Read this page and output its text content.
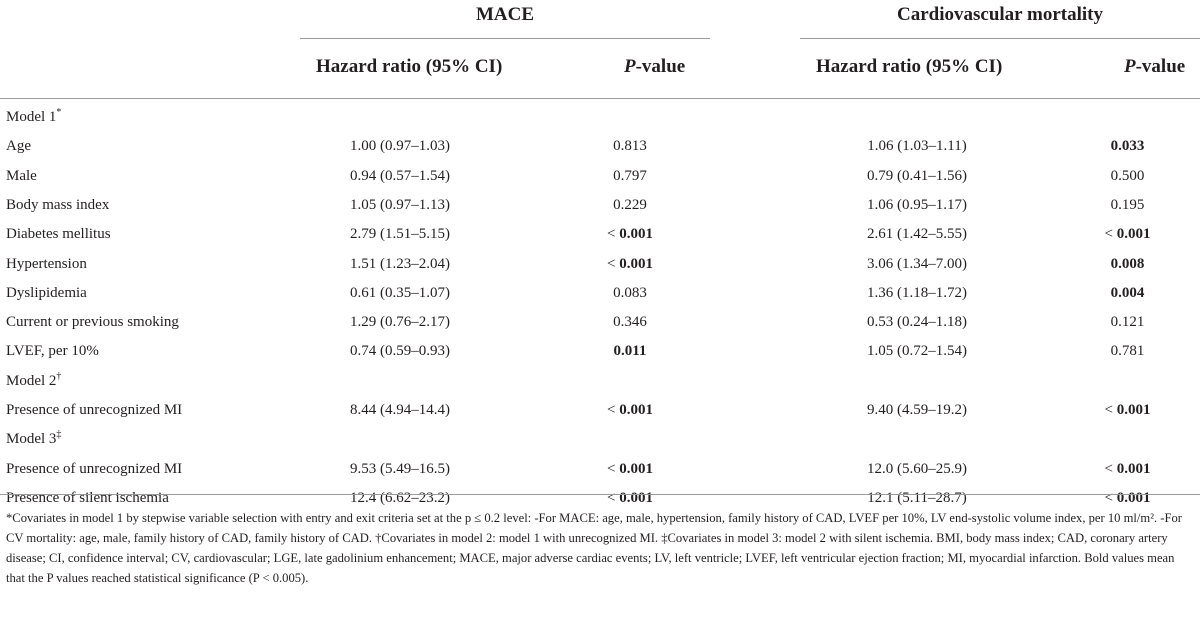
MACE	Cardiovascular mortality
Hazard ratio (95% CI)	P-value	Hazard ratio (95% CI)	P-value
Model 1*
Age	1.00 (0.97–1.03)	0.813	1.06 (1.03–1.11)	0.033
Male	0.94 (0.57–1.54)	0.797	0.79 (0.41–1.56)	0.500
Body mass index	1.05 (0.97–1.13)	0.229	1.06 (0.95–1.17)	0.195
Diabetes mellitus	2.79 (1.51–5.15)	< 0.001	2.61 (1.42–5.55)	< 0.001
Hypertension	1.51 (1.23–2.04)	< 0.001	3.06 (1.34–7.00)	0.008
Dyslipidemia	0.61 (0.35–1.07)	0.083	1.36 (1.18–1.72)	0.004
Current or previous smoking	1.29 (0.76–2.17)	0.346	0.53 (0.24–1.18)	0.121
LVEF, per 10%	0.74 (0.59–0.93)	0.011	1.05 (0.72–1.54)	0.781
Model 2†
Presence of unrecognized MI	8.44 (4.94–14.4)	< 0.001	9.40 (4.59–19.2)	< 0.001
Model 3‡
Presence of unrecognized MI	9.53 (5.49–16.5)	< 0.001	12.0 (5.60–25.9)	< 0.001
Presence of silent ischemia	12.4 (6.62–23.2)	< 0.001	12.1 (5.11–28.7)	< 0.001
*Covariates in model 1 by stepwise variable selection with entry and exit criteria set at the p ≤ 0.2 level: -For MACE: age, male, hypertension, family history of CAD, LVEF per 10%, LV end-systolic volume index, per 10 ml/m². -For CV mortality: age, male, family history of CAD, family history of CAD. †Covariates in model 2: model 1 with unrecognized MI. ‡Covariates in model 3: model 2 with silent ischemia. BMI, body mass index; CAD, coronary artery disease; CI, confidence interval; CV, cardiovascular; LGE, late gadolinium enhancement; MACE, major adverse cardiac events; LV, left ventricle; LVEF, left ventricular ejection fraction; MI, myocardial infarction. Bold values mean that the P values reached statistical significance (P < 0.005).
